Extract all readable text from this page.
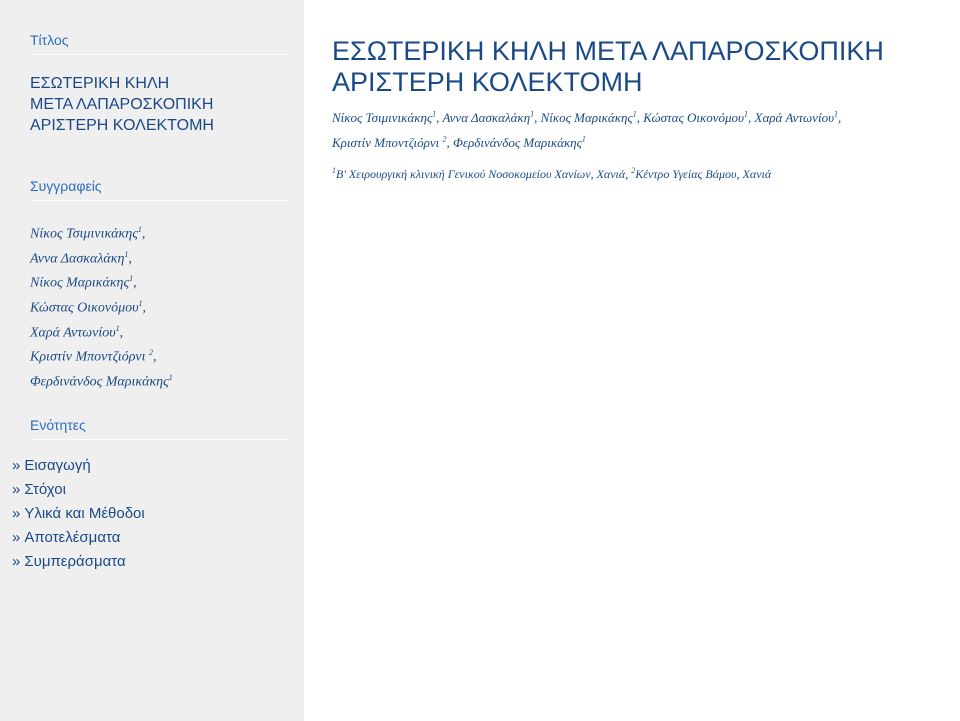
Τίτλος
ΕΣΩΤΕΡΙΚΗ ΚΗΛΗ
ΜΕΤΑ ΛΑΠΑΡΟΣΚΟΠΙΚΗ
ΑΡΙΣΤΕΡΗ ΚΟΛΕΚΤΟΜΗ
Συγγραφείς
Νίκος Τσιμινικάκης$^1$,
Αννα Δασκαλάκη$^1$,
Νίκος Μαρικάκης$^1$,
Κώστας Οικονόμου$^1$,
Χαρά Αντωνίου$^1$,
Κριστίν Μποντζιόρνι $^2$,
Φερδινάνδος Μαρικάκης$^1$
Ενότητες
» Εισαγωγή
» Στόχοι
» Υλικά και Μέθοδοι
» Αποτελέσματα
» Συμπεράσματα
ΕΣΩΤΕΡΙΚΗ ΚΗΛΗ ΜΕΤΑ ΛΑΠΑΡΟΣΚΟΠΙΚΗ
ΑΡΙΣΤΕΡΗ ΚΟΛΕΚΤΟΜΗ
Νίκος Τσιμινικάκης$^1$, Αννα Δασκαλάκη$^1$, Νίκος Μαρικάκης$^1$, Κώστας Οικονόμου$^1$, Χαρά Αντωνίου$^1$,
Κριστίν Μποντζιόρνι $^2$, Φερδινάνδος Μαρικάκης$^1$
$^1$Β' Χειρουργική κλινική Γενικού Νοσοκομείου Χανίων, Χανιά, $^2$Κέντρο Υγείας Βάμου, Χανιά
